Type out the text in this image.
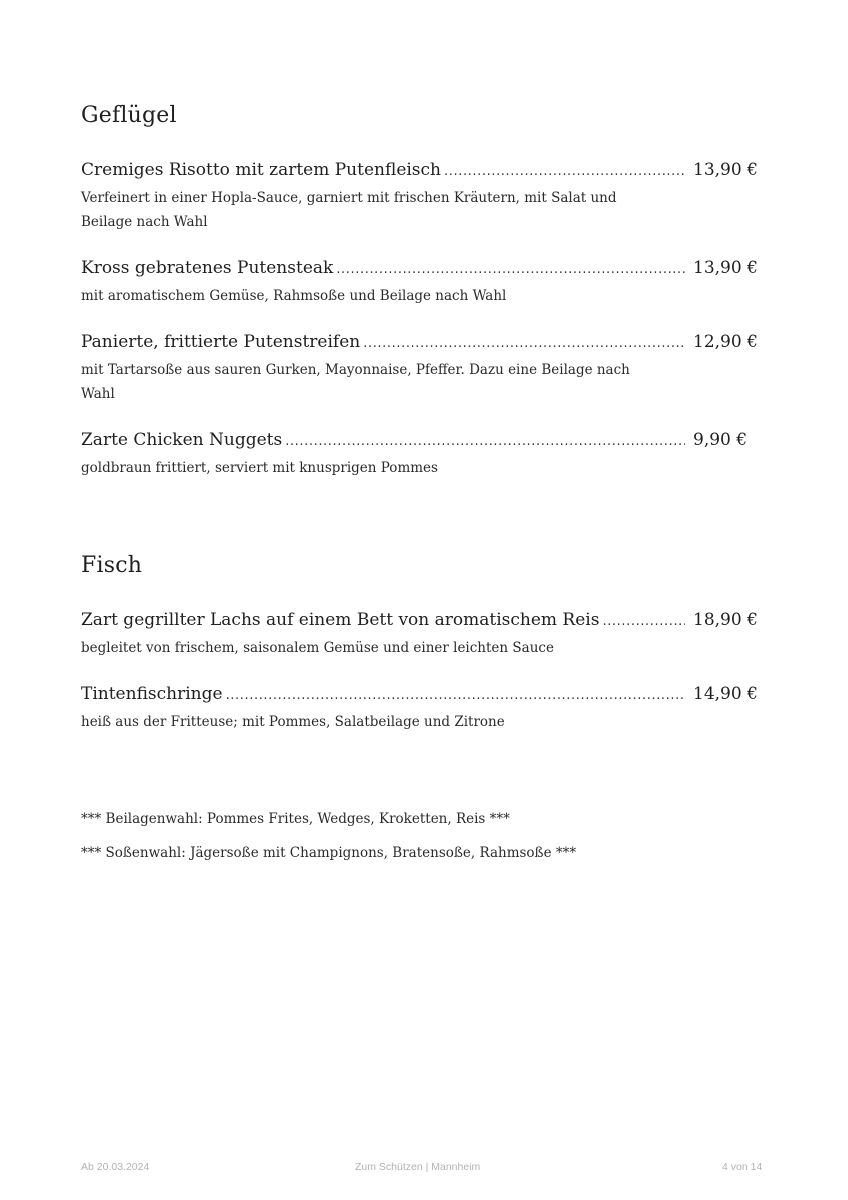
Geflügel
Cremiges Risotto mit zartem Putenfleisch .....	13,90 €
Verfeinert in einer Hopla-Sauce, garniert mit frischen Kräutern, mit Salat und Beilage nach Wahl
Kross gebratenes Putensteak .....	13,90 €
mit aromatischem Gemüse, Rahmsoße und Beilage nach Wahl
Panierte, frittierte Putenstreifen .....	12,90 €
mit Tartarsoße aus sauren Gurken, Mayonnaise, Pfeffer. Dazu eine Beilage nach Wahl
Zarte Chicken Nuggets .....	9,90 €
goldbraun frittiert, serviert mit knusprigen Pommes
Fisch
Zart gegrillter Lachs auf einem Bett von aromatischem Reis .....	18,90 €
begleitet von frischem, saisonalem Gemüse und einer leichten Sauce
Tintenfischringe .....	14,90 €
heiß aus der Fritteuse; mit Pommes, Salatbeilage und Zitrone
*** Beilagenwahl: Pommes Frites, Wedges, Kroketten, Reis ***
*** Soßenwahl: Jägersoße mit Champignons, Bratensoße, Rahmsoße ***
Ab 20.03.2024	Zum Schützen | Mannheim	4 von 14
